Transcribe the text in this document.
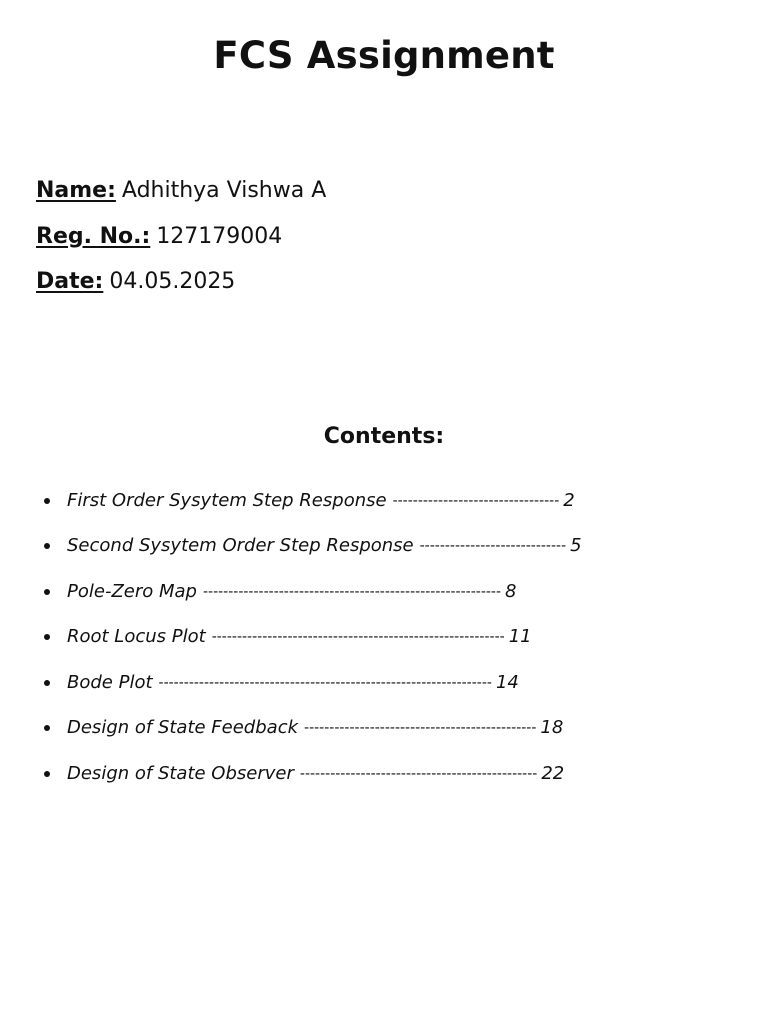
FCS Assignment
Name: Adhithya Vishwa A
Reg. No.: 127179004
Date: 04.05.2025
Contents:
First Order Sysytem Step Response --------------------------------- 2
Second Sysytem Order Step Response ----------------------------- 5
Pole-Zero Map ----------------------------------------------------------- 8
Root Locus Plot ---------------------------------------------------------- 11
Bode Plot ------------------------------------------------------------------ 14
Design of State Feedback ---------------------------------------------- 18
Design of State Observer ----------------------------------------------- 22
